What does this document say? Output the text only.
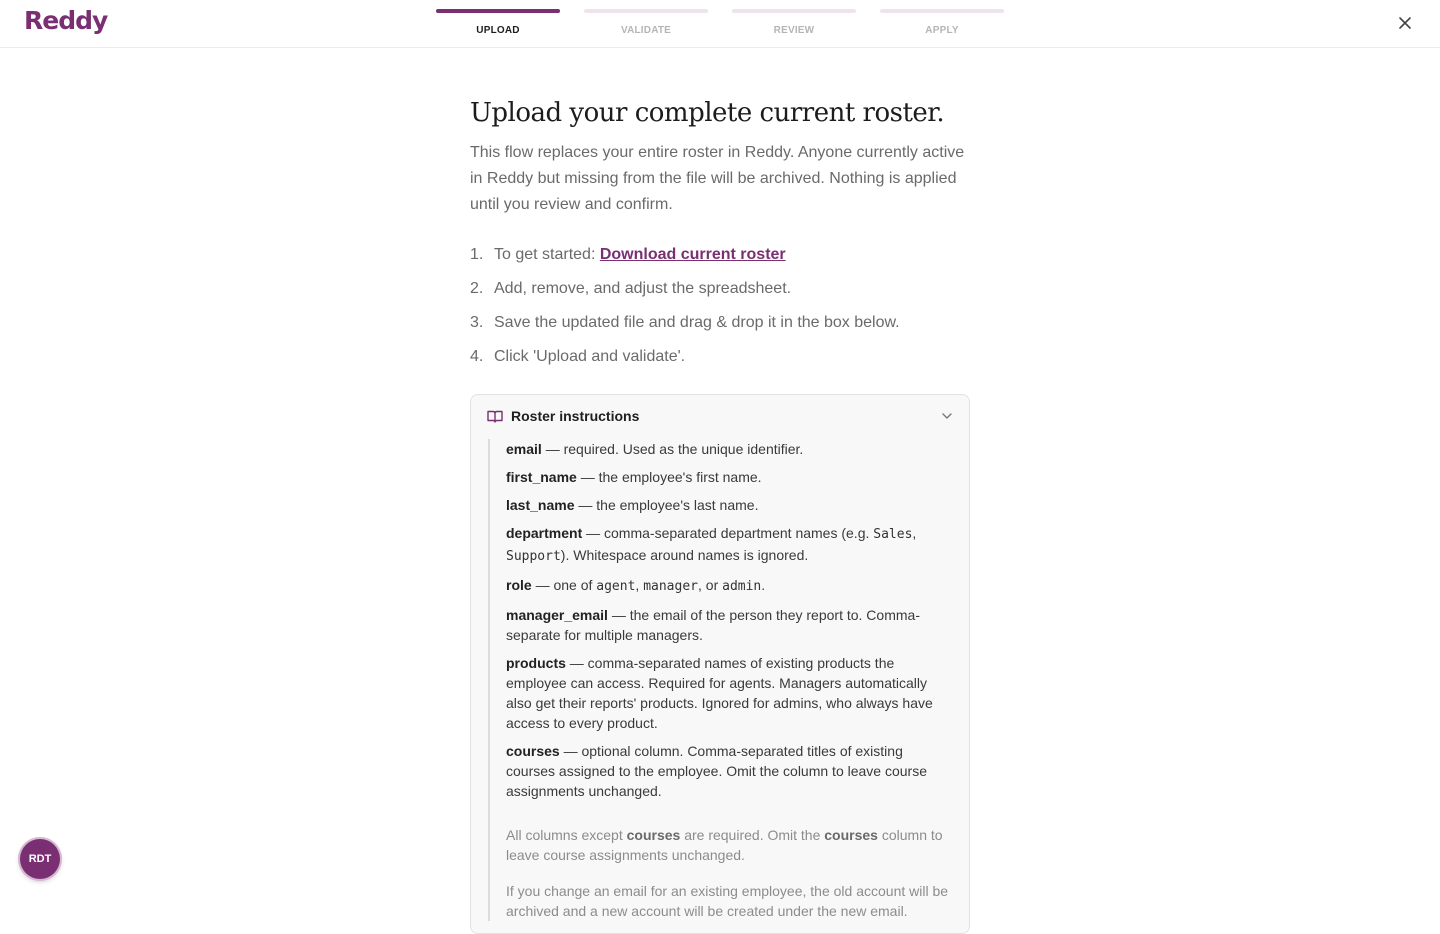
Reddy	UPLOAD	VALIDATE	REVIEW	APPLY
Upload your complete current roster.

This flow replaces your entire roster in Reddy. Anyone currently active in Reddy but missing from the file will be archived. Nothing is applied until you review and confirm.

1. To get started: Download current roster
2. Add, remove, and adjust the spreadsheet.
3. Save the updated file and drag & drop it in the box below.
4. Click 'Upload and validate'.
Roster instructions
email — required. Used as the unique identifier.
first_name — the employee's first name.
last_name — the employee's last name.
department — comma-separated department names (e.g. Sales, Support). Whitespace around names is ignored.
role — one of agent, manager, or admin.
manager_email — the email of the person they report to. Comma-separate for multiple managers.
products — comma-separated names of existing products the employee can access. Required for agents. Managers automatically also get their reports' products. Ignored for admins, who always have access to every product.
courses — optional column. Comma-separated titles of existing courses assigned to the employee. Omit the column to leave course assignments unchanged.
All columns except courses are required. Omit the courses column to leave course assignments unchanged.
If you change an email for an existing employee, the old account will be archived and a new account will be created under the new email.
RDT
